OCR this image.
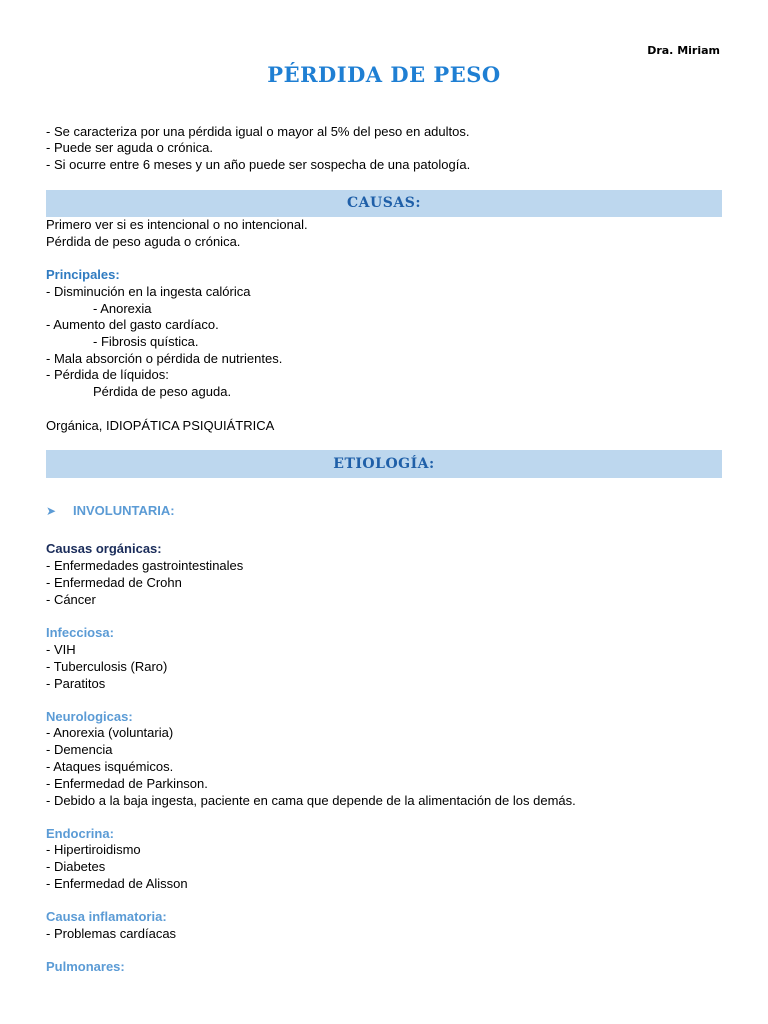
Dra. Miriam
PÉRDIDA DE PESO
- Se caracteriza por una pérdida igual o mayor al 5% del peso en adultos.
- Puede ser aguda o crónica.
- Si ocurre entre 6 meses y un año puede ser sospecha de una patología.
CAUSAS:
Primero ver si es intencional o no intencional.
Pérdida de peso aguda o crónica.
Principales:
- Disminución en la ingesta calórica
- Anorexia
- Aumento del gasto cardíaco.
- Fibrosis quística.
- Mala absorción o pérdida de nutrientes.
- Pérdida de líquidos:
Pérdida de peso aguda.
Orgánica, IDIOPÁTICA PSIQUIÁTRICA
ETIOLOGÍA:
➤ INVOLUNTARIA:
Causas orgánicas:
- Enfermedades gastrointestinales
- Enfermedad de Crohn
- Cáncer
Infecciosa:
- VIH
- Tuberculosis (Raro)
- Paratitos
Neurologicas:
- Anorexia (voluntaria)
- Demencia
- Ataques isquémicos.
- Enfermedad de Parkinson.
- Debido a la baja ingesta, paciente en cama que depende de la alimentación de los demás.
Endocrina:
- Hipertiroidismo
- Diabetes
- Enfermedad de Alisson
Causa inflamatoria:
- Problemas cardíacas
Pulmonares:
